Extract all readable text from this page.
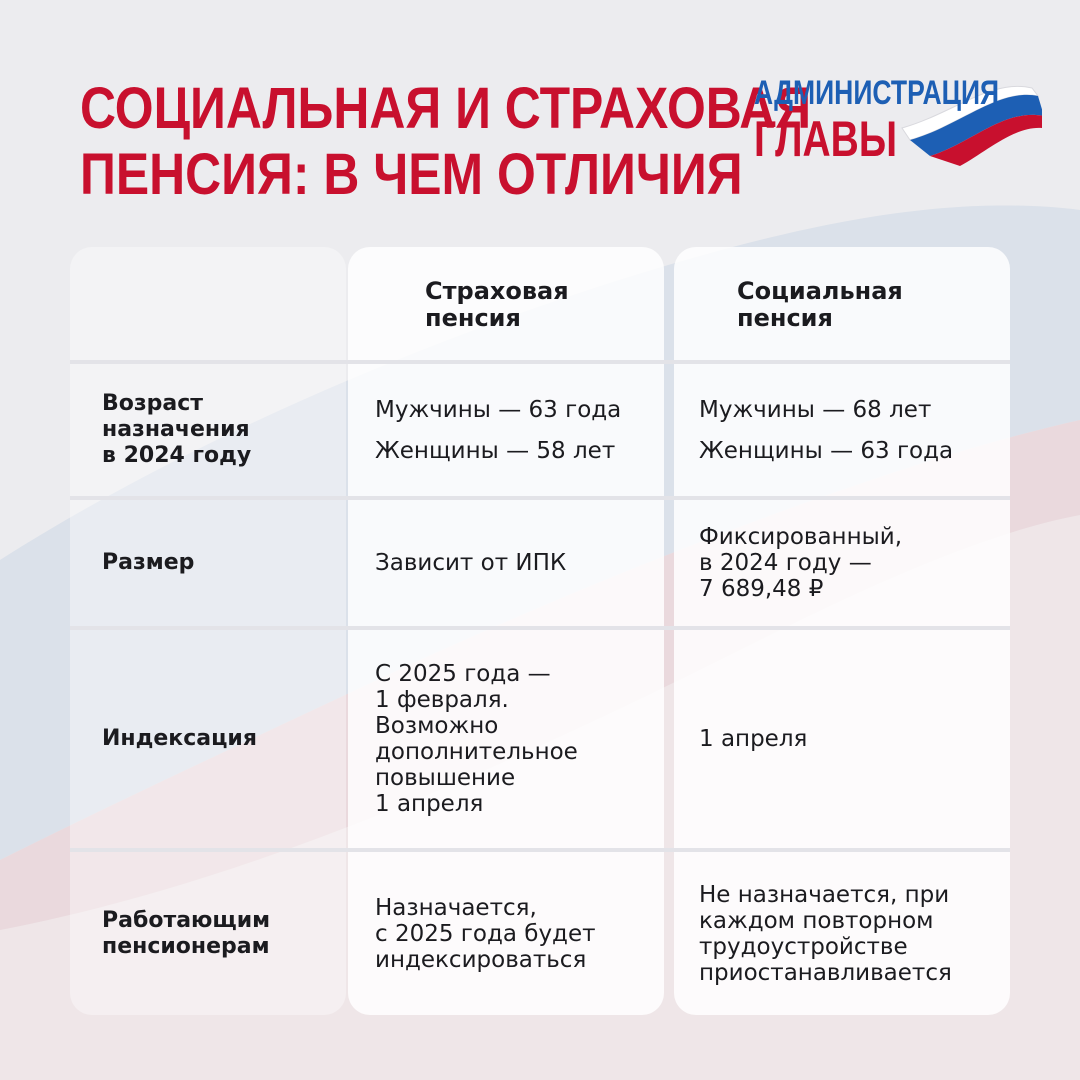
СОЦИАЛЬНАЯ И СТРАХОВАЯ
ПЕНСИЯ: В ЧЕМ ОТЛИЧИЯ
АДМИНИСТРАЦИЯ
ГЛАВЫ
Страховая
пенсия
Социальная
пенсия
Возраст
назначения
в 2024 году

Мужчины — 63 года

Женщины — 58 лет

Мужчины — 68 лет

Женщины — 63 года

Размер	Зависит от ИПК
Фиксированный,
в 2024 году —
7 689,48 ₽
Индексация
С 2025 года —
1 февраля.
Возможно
дополнительное
повышение
1 апреля
1 апреля
Работающим
пенсионерам
Назначается,
с 2025 года будет
индексироваться
Не назначается, при
каждом повторном
трудоустройстве
приостанавливается
